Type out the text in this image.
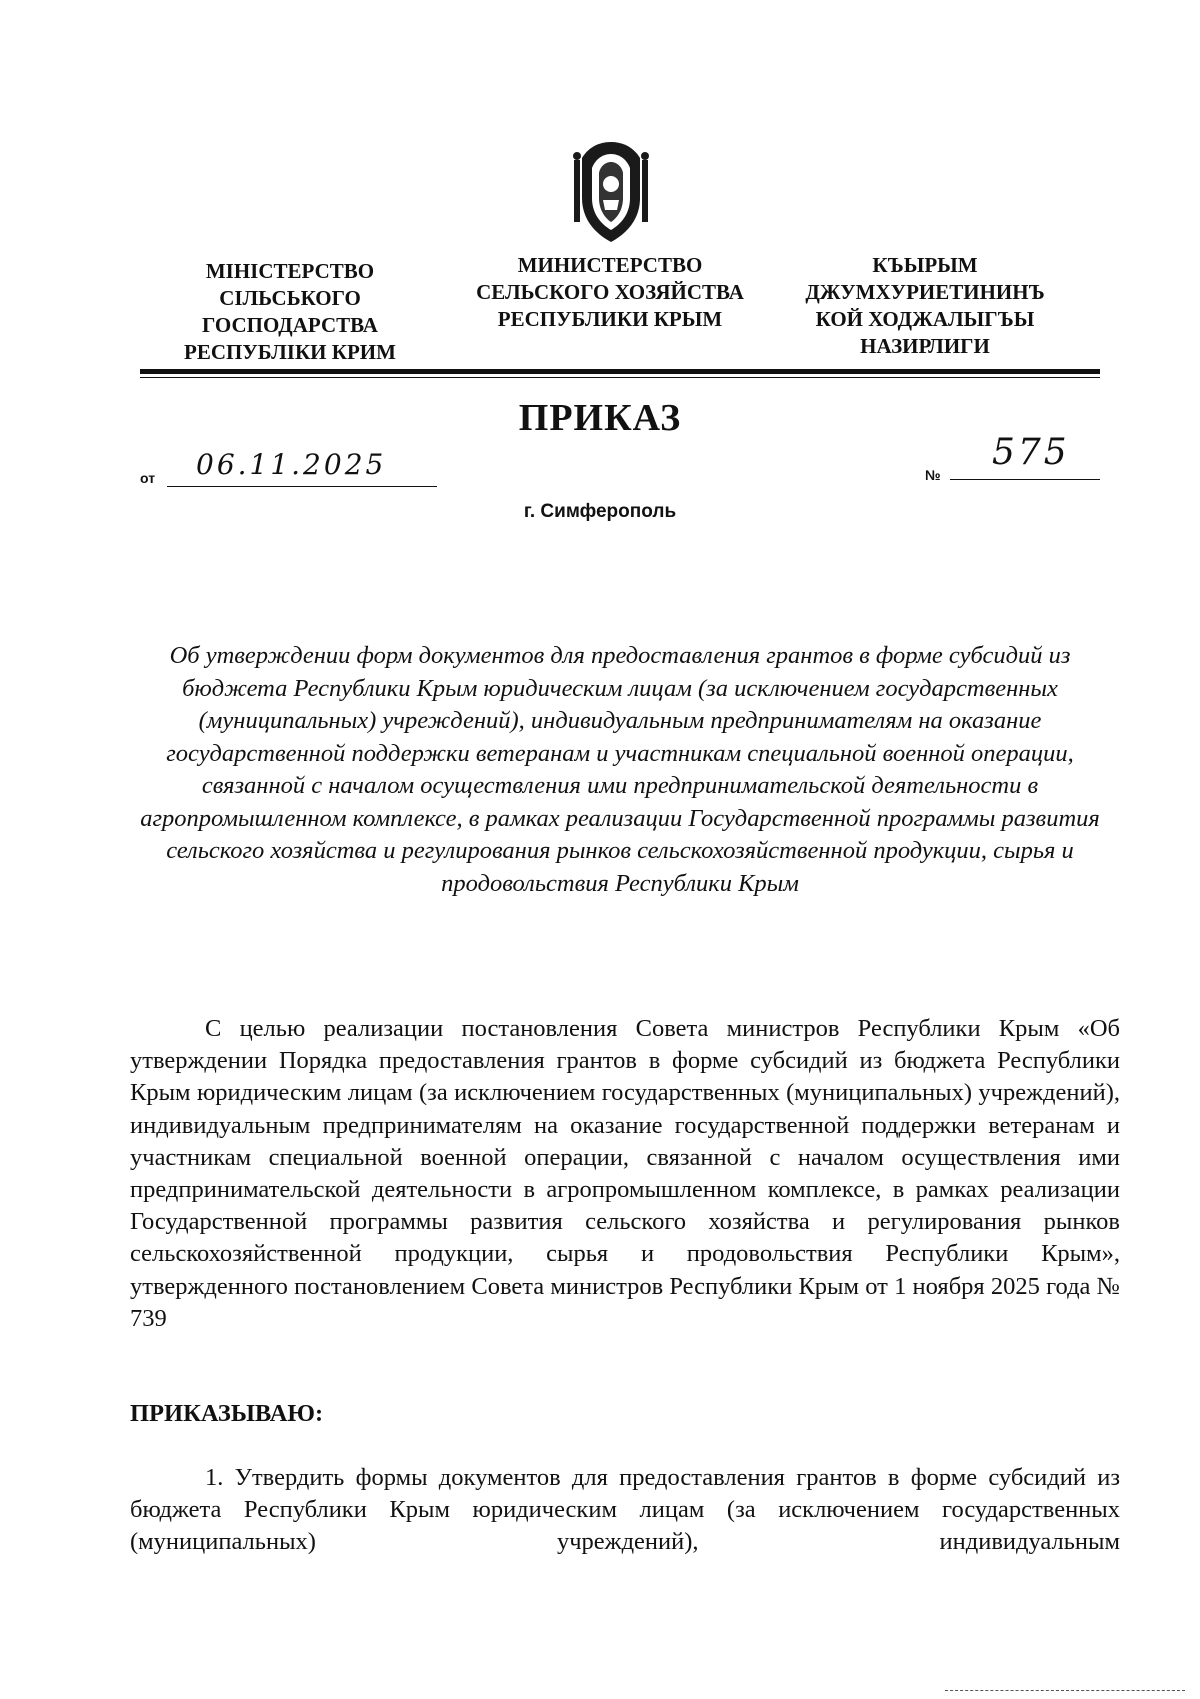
МІНІСТЕРСТВО
СІЛЬСЬКОГО
ГОСПОДАРСТВА
РЕСПУБЛІКИ КРИМ
МИНИСТЕРСТВО
СЕЛЬСКОГО ХОЗЯЙСТВА
РЕСПУБЛИКИ КРЫМ
КЪЫРЫМ
ДЖУМХУРИЕТИНИНЪ
КОЙ ХОДЖАЛЫГЪЫ
НАЗИРЛИГИ
ПРИКАЗ
от 06.11.2025	№
575
г. Симферополь
Об утверждении форм документов для предоставления грантов в форме субсидий из бюджета Республики Крым юридическим лицам (за исключением государственных (муниципальных) учреждений), индивидуальным предпринимателям на оказание государственной поддержки ветеранам и участникам специальной военной операции, связанной с началом осуществления ими предпринимательской деятельности в агропромышленном комплексе, в рамках реализации Государственной программы развития сельского хозяйства и регулирования рынков сельскохозяйственной продукции, сырья и продовольствия Республики Крым

С целью реализации постановления Совета министров Республики Крым «Об утверждении Порядка предоставления грантов в форме субсидий из бюджета Республики Крым юридическим лицам (за исключением государственных (муниципальных) учреждений), индивидуальным предпринимателям на оказание государственной поддержки ветеранам и участникам специальной военной операции, связанной с началом осуществления ими предпринимательской деятельности в агропромышленном комплексе, в рамках реализации Государственной программы развития сельского хозяйства и регулирования рынков сельскохозяйственной продукции, сырья и продовольствия Республики Крым», утвержденного постановлением Совета министров Республики Крым от 1 ноября 2025 года № 739

ПРИКАЗЫВАЮ:

1. Утвердить формы документов для предоставления грантов в форме субсидий из бюджета Республики Крым юридическим лицам (за исключением государственных (муниципальных) учреждений), индивидуальным
